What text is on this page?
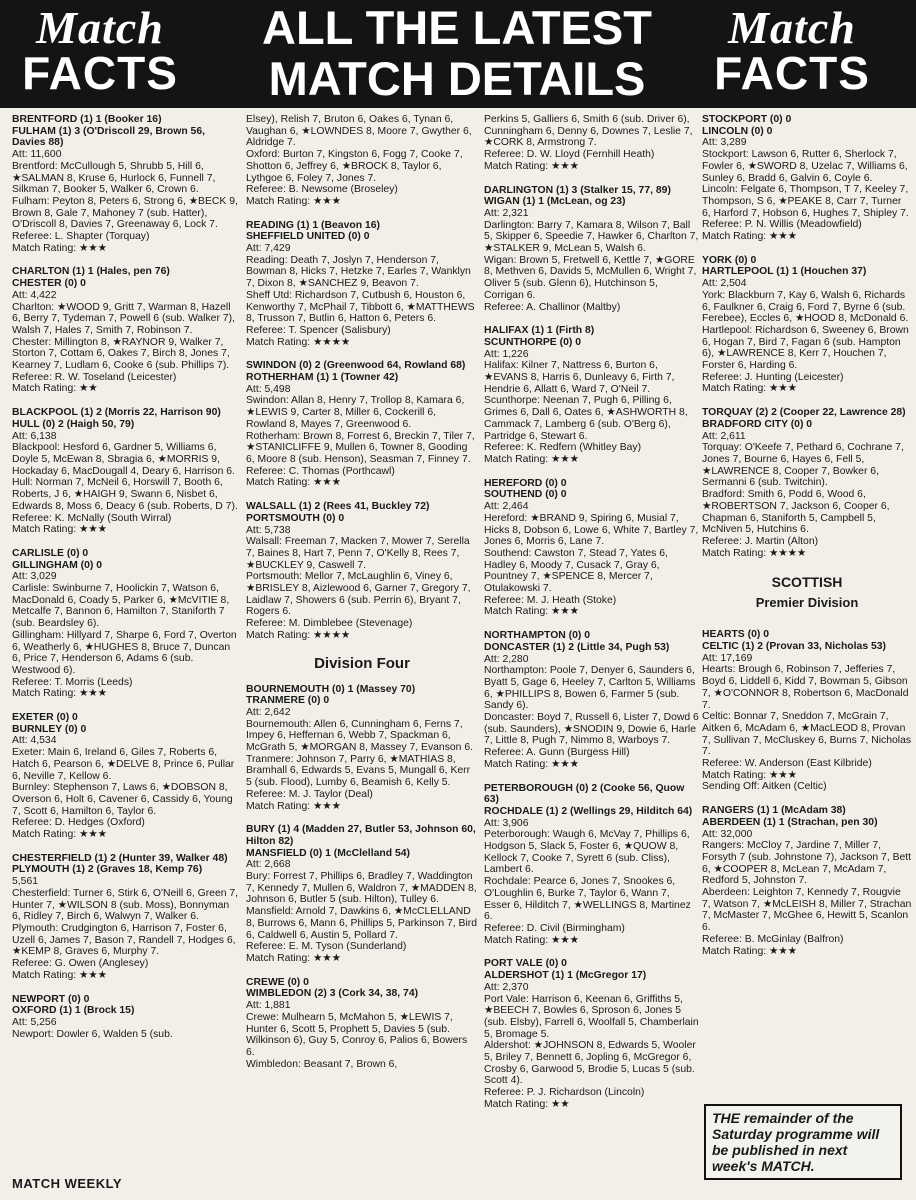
Match
FACTS
ALL THE LATEST
MATCH DETAILS
Match
FACTS
BRENTFORD (1) 1 (Booker 16)
FULHAM (1) 3 (O'Driscoll 29, Brown 56, Davies 88)
Att: 11,600
Brentford: McCullough 5, Shrubb 5, Hill 6, ★SALMAN 8, Kruse 6, Hurlock 6, Funnell 7, Silkman 7, Booker 5, Walker 6, Crown 6.
Fulham: Peyton 8, Peters 6, Strong 6, ★BECK 9, Brown 8, Gale 7, Mahoney 7 (sub. Hatter), O'Driscoll 8, Davies 7, Greenaway 6, Lock 7.
Referee: L. Shapter (Torquay)
Match Rating: ★★★
CHARLTON (1) 1 (Hales, pen 76)
CHESTER (0) 0
Att: 4,422
Charlton: ★WOOD 9, Gritt 7, Warman 8, Hazell 6, Berry 7, Tydeman 7, Powell 6 (sub. Walker 7), Walsh 7, Hales 7, Smith 7, Robinson 7.
Chester: Millington 8, ★RAYNOR 9, Walker 7, Storton 7, Cottam 6, Oakes 7, Birch 8, Jones 7, Kearney 7, Ludlam 6, Cooke 6 (sub. Phillips 7).
Referee: R. W. Toseland (Leicester)
Match Rating: ★★
BLACKPOOL (1) 2 (Morris 22, Harrison 90)
HULL (0) 2 (Haigh 50, 79)
Att: 6,138
Blackpool: Hesford 6, Gardner 5, Williams 6, Doyle 5, McEwan 8, Sbragia 6, ★MORRIS 9, Hockaday 6, MacDougall 4, Deary 6, Harrison 6.
Hull: Norman 7, McNeil 6, Horswill 7, Booth 6, Roberts, J 6, ★HAIGH 9, Swann 6, Nisbet 6, Edwards 8, Moss 6, Deacy 6 (sub. Roberts, D 7).
Referee: K. McNally (South Wirral)
Match Rating: ★★★
CARLISLE (0) 0
GILLINGHAM (0) 0
Att: 3,029
Carlisle: Swinburne 7, Hoolickin 7, Watson 6, MacDonald 6, Coady 5, Parker 6, ★McVITIE 8, Metcalfe 7, Bannon 6, Hamilton 7, Staniforth 7 (sub. Beardsley 6).
Gillingham: Hillyard 7, Sharpe 6, Ford 7, Overton 6, Weatherly 6, ★HUGHES 8, Bruce 7, Duncan 6, Price 7, Henderson 6, Adams 6 (sub. Westwood 6).
Referee: T. Morris (Leeds)
Match Rating: ★★★
EXETER (0) 0
BURNLEY (0) 0
Att: 4,534
Exeter: Main 6, Ireland 6, Giles 7, Roberts 6, Hatch 6, Pearson 6, ★DELVE 8, Prince 6, Pullar 6, Neville 7, Kellow 6.
Burnley: Stephenson 7, Laws 6, ★DOBSON 8, Overson 6, Holt 6, Cavener 6, Cassidy 6, Young 7, Scott 6, Hamilton 6, Taylor 6.
Referee: D. Hedges (Oxford)
Match Rating: ★★★
CHESTERFIELD (1) 2 (Hunter 39, Walker 48)
PLYMOUTH (1) 2 (Graves 18, Kemp 76)
5,561
Chesterfield: Turner 6, Stirk 6, O'Neill 6, Green 7, Hunter 7, ★WILSON 8 (sub. Moss), Bonnyman 6, Ridley 7, Birch 6, Walwyn 7, Walker 6.
Plymouth: Crudgington 6, Harrison 7, Foster 6, Uzell 6, James 7, Bason 7, Randell 7, Hodges 6, ★KEMP 8, Graves 6, Murphy 7.
Referee: G. Owen (Anglesey)
Match Rating: ★★★
NEWPORT (0) 0
OXFORD (1) 1 (Brock 15)
Att: 5,256
Newport: Dowler 6, Walden 5 (sub.
Elsey), Relish 7, Bruton 6, Oakes 6, Tynan 6, Vaughan 6, ★LOWNDES 8, Moore 7, Gwyther 6, Aldridge 7.
Oxford: Burton 7, Kingston 6, Fogg 7, Cooke 7, Shotton 6, Jeffrey 6, ★BROCK 8, Taylor 6, Lythgoe 6, Foley 7, Jones 7.
Referee: B. Newsome (Broseley)
Match Rating: ★★★
READING (1) 1 (Beavon 16)
SHEFFIELD UNITED (0) 0
Att: 7,429
Reading: Death 7, Joslyn 7, Henderson 7, Bowman 8, Hicks 7, Hetzke 7, Earles 7, Wanklyn 7, Dixon 8, ★SANCHEZ 9, Beavon 7.
Sheff Utd: Richardson 7, Cutbush 6, Houston 6, Kenworthy 7, McPhail 7, Tibbott 6, ★MATTHEWS 8, Trusson 7, Butlin 6, Hatton 6, Peters 6.
Referee: T. Spencer (Salisbury)
Match Rating: ★★★★
SWINDON (0) 2 (Greenwood 64, Rowland 68)
ROTHERHAM (1) 1 (Towner 42)
Att: 5,498
Swindon: Allan 8, Henry 7, Trollop 8, Kamara 6, ★LEWIS 9, Carter 8, Miller 6, Cockerill 6, Rowland 8, Mayes 7, Greenwood 6.
Rotherham: Brown 8, Forrest 6, Breckin 7, Tiler 7, ★STANICLIFFE 9, Mullen 6, Towner 8, Gooding 6, Moore 8 (sub. Henson), Seasman 7, Finney 7.
Referee: C. Thomas (Porthcawl)
Match Rating: ★★★
WALSALL (1) 2 (Rees 41, Buckley 72)
PORTSMOUTH (0) 0
Att: 5,738
Walsall: Freeman 7, Macken 7, Mower 7, Serella 7, Baines 8, Hart 7, Penn 7, O'Kelly 8, Rees 7, ★BUCKLEY 9, Caswell 7.
Portsmouth: Mellor 7, McLaughlin 6, Viney 6, ★BRISLEY 8, Aizlewood 6, Garner 7, Gregory 7, Laidlaw 7, Showers 6 (sub. Perrin 6), Bryant 7, Rogers 6.
Referee: M. Dimblebee (Stevenage)
Match Rating: ★★★★
Division Four
BOURNEMOUTH (0) 1 (Massey 70)
TRANMERE (0) 0
Att: 2,642
Bournemouth: Allen 6, Cunningham 6, Ferns 7, Impey 6, Heffernan 6, Webb 7, Spackman 6, McGrath 5, ★MORGAN 8, Massey 7, Evanson 6.
Tranmere: Johnson 7, Parry 6, ★MATHIAS 8, Bramhall 6, Edwards 5, Evans 5, Mungall 6, Kerr 5 (sub. Flood), Lumby 6, Beamish 6, Kelly 5.
Referee: M. J. Taylor (Deal)
Match Rating: ★★★
BURY (1) 4 (Madden 27, Butler 53, Johnson 60, Hilton 82)
MANSFIELD (0) 1 (McClelland 54)
Att: 2,668
Bury: Forrest 7, Phillips 6, Bradley 7, Waddington 7, Kennedy 7, Mullen 6, Waldron 7, ★MADDEN 8, Johnson 6, Butler 5 (sub. Hilton), Tulley 6.
Mansfield: Arnold 7, Dawkins 6, ★McCLELLAND 8, Burrows 6, Mann 6, Phillips 5, Parkinson 7, Bird 6, Caldwell 6, Austin 5, Pollard 7.
Referee: E. M. Tyson (Sunderland)
Match Rating: ★★★
CREWE (0) 0
WIMBLEDON (2) 3 (Cork 34, 38, 74)
Att: 1,881
Crewe: Mulhearn 5, McMahon 5, ★LEWIS 7, Hunter 6, Scott 5, Prophett 5, Davies 5 (sub. Wilkinson 6), Guy 5, Conroy 6, Palios 6, Bowers 6.
Wimbledon: Beasant 7, Brown 6,
Perkins 5, Galliers 6, Smith 6 (sub. Driver 6), Cunningham 6, Denny 6, Downes 7, Leslie 7, ★CORK 8, Armstrong 7.
Referee: D. W. Lloyd (Fernhill Heath)
Match Rating: ★★★
DARLINGTON (1) 3 (Stalker 15, 77, 89)
WIGAN (1) 1 (McLean, og 23)
Att: 2,321
Darlington: Barry 7, Kamara 8, Wilson 7, Ball 5, Skipper 6, Speedie 7, Hawker 6, Charlton 7, ★STALKER 9, McLean 5, Walsh 6.
Wigan: Brown 5, Fretwell 6, Kettle 7, ★GORE 8, Methven 6, Davids 5, McMullen 6, Wright 7, Oliver 5 (sub. Glenn 6), Hutchinson 5, Corrigan 6.
Referee: A. Challinor (Maltby)
HALIFAX (1) 1 (Firth 8)
SCUNTHORPE (0) 0
Att: 1,226
Halifax: Kilner 7, Nattress 6, Burton 6, ★EVANS 8, Harris 6, Dunleavy 6, Firth 7, Hendrie 6, Allatt 6, Ward 7, O'Neil 7.
Scunthorpe: Neenan 7, Pugh 6, Pilling 6, Grimes 6, Dall 6, Oates 6, ★ASHWORTH 8, Cammack 7, Lamberg 6 (sub. O'Berg 6), Partridge 6, Stewart 6.
Referee: K. Redfern (Whitley Bay)
Match Rating: ★★★
HEREFORD (0) 0
SOUTHEND (0) 0
Att: 2,464
Hereford: ★BRAND 9, Spiring 6, Musial 7, Hicks 8, Dobson 6, Lowe 6, White 7, Bartley 7, Jones 6, Morris 6, Lane 7.
Southend: Cawston 7, Stead 7, Yates 6, Hadley 6, Moody 7, Cusack 7, Gray 6, Pountney 7, ★SPENCE 8, Mercer 7, Otulakowski 7.
Referee: M. J. Heath (Stoke)
Match Rating: ★★★
NORTHAMPTON (0) 0
DONCASTER (1) 2 (Little 34, Pugh 53)
Att: 2,280
Northampton: Poole 7, Denyer 6, Saunders 6, Byatt 5, Gage 6, Heeley 7, Carlton 5, Williams 6, ★PHILLIPS 8, Bowen 6, Farmer 5 (sub. Sandy 6).
Doncaster: Boyd 7, Russell 6, Lister 7, Dowd 6 (sub. Saunders), ★SNODIN 9, Dowie 6, Harle 7, Little 8, Pugh 7, Nimmo 8, Warboys 7.
Referee: A. Gunn (Burgess Hill)
Match Rating: ★★★
PETERBOROUGH (0) 2 (Cooke 56, Quow 63)
ROCHDALE (1) 2 (Wellings 29, Hilditch 64)
Att: 3,906
Peterborough: Waugh 6, McVay 7, Phillips 6, Hodgson 5, Slack 5, Foster 6, ★QUOW 8, Kellock 7, Cooke 7, Syrett 6 (sub. Cliss), Lambert 6.
Rochdale: Pearce 6, Jones 7, Snookes 6, O'Loughlin 6, Burke 7, Taylor 6, Wann 7, Esser 6, Hilditch 7, ★WELLINGS 8, Martinez 6.
Referee: D. Civil (Birmingham)
Match Rating: ★★★
PORT VALE (0) 0
ALDERSHOT (1) 1 (McGregor 17)
Att: 2,370
Port Vale: Harrison 6, Keenan 6, Griffiths 5, ★BEECH 7, Bowles 6, Sproson 6, Jones 5 (sub. Elsby), Farrell 6, Woolfall 5, Chamberlain 5, Bromage 5.
Aldershot: ★JOHNSON 8, Edwards 5, Wooler 5, Briley 7, Bennett 6, Jopling 6, McGregor 6, Crosby 6, Garwood 5, Brodie 5, Lucas 5 (sub. Scott 4).
Referee: P. J. Richardson (Lincoln)
Match Rating: ★★
STOCKPORT (0) 0
LINCOLN (0) 0
Att: 3,289
Stockport: Lawson 6, Rutter 6, Sherlock 7, Fowler 6, ★SWORD 8, Uzelac 7, Williams 6, Sunley 6, Bradd 6, Galvin 6, Coyle 6.
Lincoln: Felgate 6, Thompson, T 7, Keeley 7, Thompson, S 6, ★PEAKE 8, Carr 7, Turner 6, Harford 7, Hobson 6, Hughes 7, Shipley 7.
Referee: P. N. Willis (Meadowfield)
Match Rating: ★★★
YORK (0) 0
HARTLEPOOL (1) 1 (Houchen 37)
Att: 2,504
York: Blackburn 7, Kay 6, Walsh 6, Richards 6, Faulkner 6, Craig 6, Ford 7, Byrne 6 (sub. Ferebee), Eccles 6, ★HOOD 8, McDonald 6.
Hartlepool: Richardson 6, Sweeney 6, Brown 6, Hogan 7, Bird 7, Fagan 6 (sub. Hampton 6), ★LAWRENCE 8, Kerr 7, Houchen 7, Forster 6, Harding 6.
Referee: J. Hunting (Leicester)
Match Rating: ★★★
TORQUAY (2) 2 (Cooper 22, Lawrence 28)
BRADFORD CITY (0) 0
Att: 2,611
Torquay: O'Keefe 7, Pethard 6, Cochrane 7, Jones 7, Bourne 6, Hayes 6, Fell 5, ★LAWRENCE 8, Cooper 7, Bowker 6, Sermanni 6 (sub. Twitchin).
Bradford: Smith 6, Podd 6, Wood 6, ★ROBERTSON 7, Jackson 6, Cooper 6, Chapman 6, Staniforth 5, Campbell 5, McNiven 5, Hutchins 6.
Referee: J. Martin (Alton)
Match Rating: ★★★★
SCOTTISH
Premier Division
HEARTS (0) 0
CELTIC (1) 2 (Provan 33, Nicholas 53)
Att: 17,169
Hearts: Brough 6, Robinson 7, Jefferies 7, Boyd 6, Liddell 6, Kidd 7, Bowman 5, Gibson 7, ★O'CONNOR 8, Robertson 6, MacDonald 7.
Celtic: Bonnar 7, Sneddon 7, McGrain 7, Aitken 6, McAdam 6, ★MacLEOD 8, Provan 7, Sullivan 7, McCluskey 6, Burns 7, Nicholas 7.
Referee: W. Anderson (East Kilbride)
Match Rating: ★★★
Sending Off: Aitken (Celtic)
RANGERS (1) 1 (McAdam 38)
ABERDEEN (1) 1 (Strachan, pen 30)
Att: 32,000
Rangers: McCloy 7, Jardine 7, Miller 7, Forsyth 7 (sub. Johnstone 7), Jackson 7, Bett 6, ★COOPER 8, McLean 7, McAdam 7, Redford 5, Johnston 7.
Aberdeen: Leighton 7, Kennedy 7, Rougvie 7, Watson 7, ★McLEISH 8, Miller 7, Strachan 7, McMaster 7, McGhee 6, Hewitt 5, Scanlon 6.
Referee: B. McGinlay (Balfron)
Match Rating: ★★★
THE remainder of the Saturday programme will be published in next week's MATCH.
MATCH WEEKLY
